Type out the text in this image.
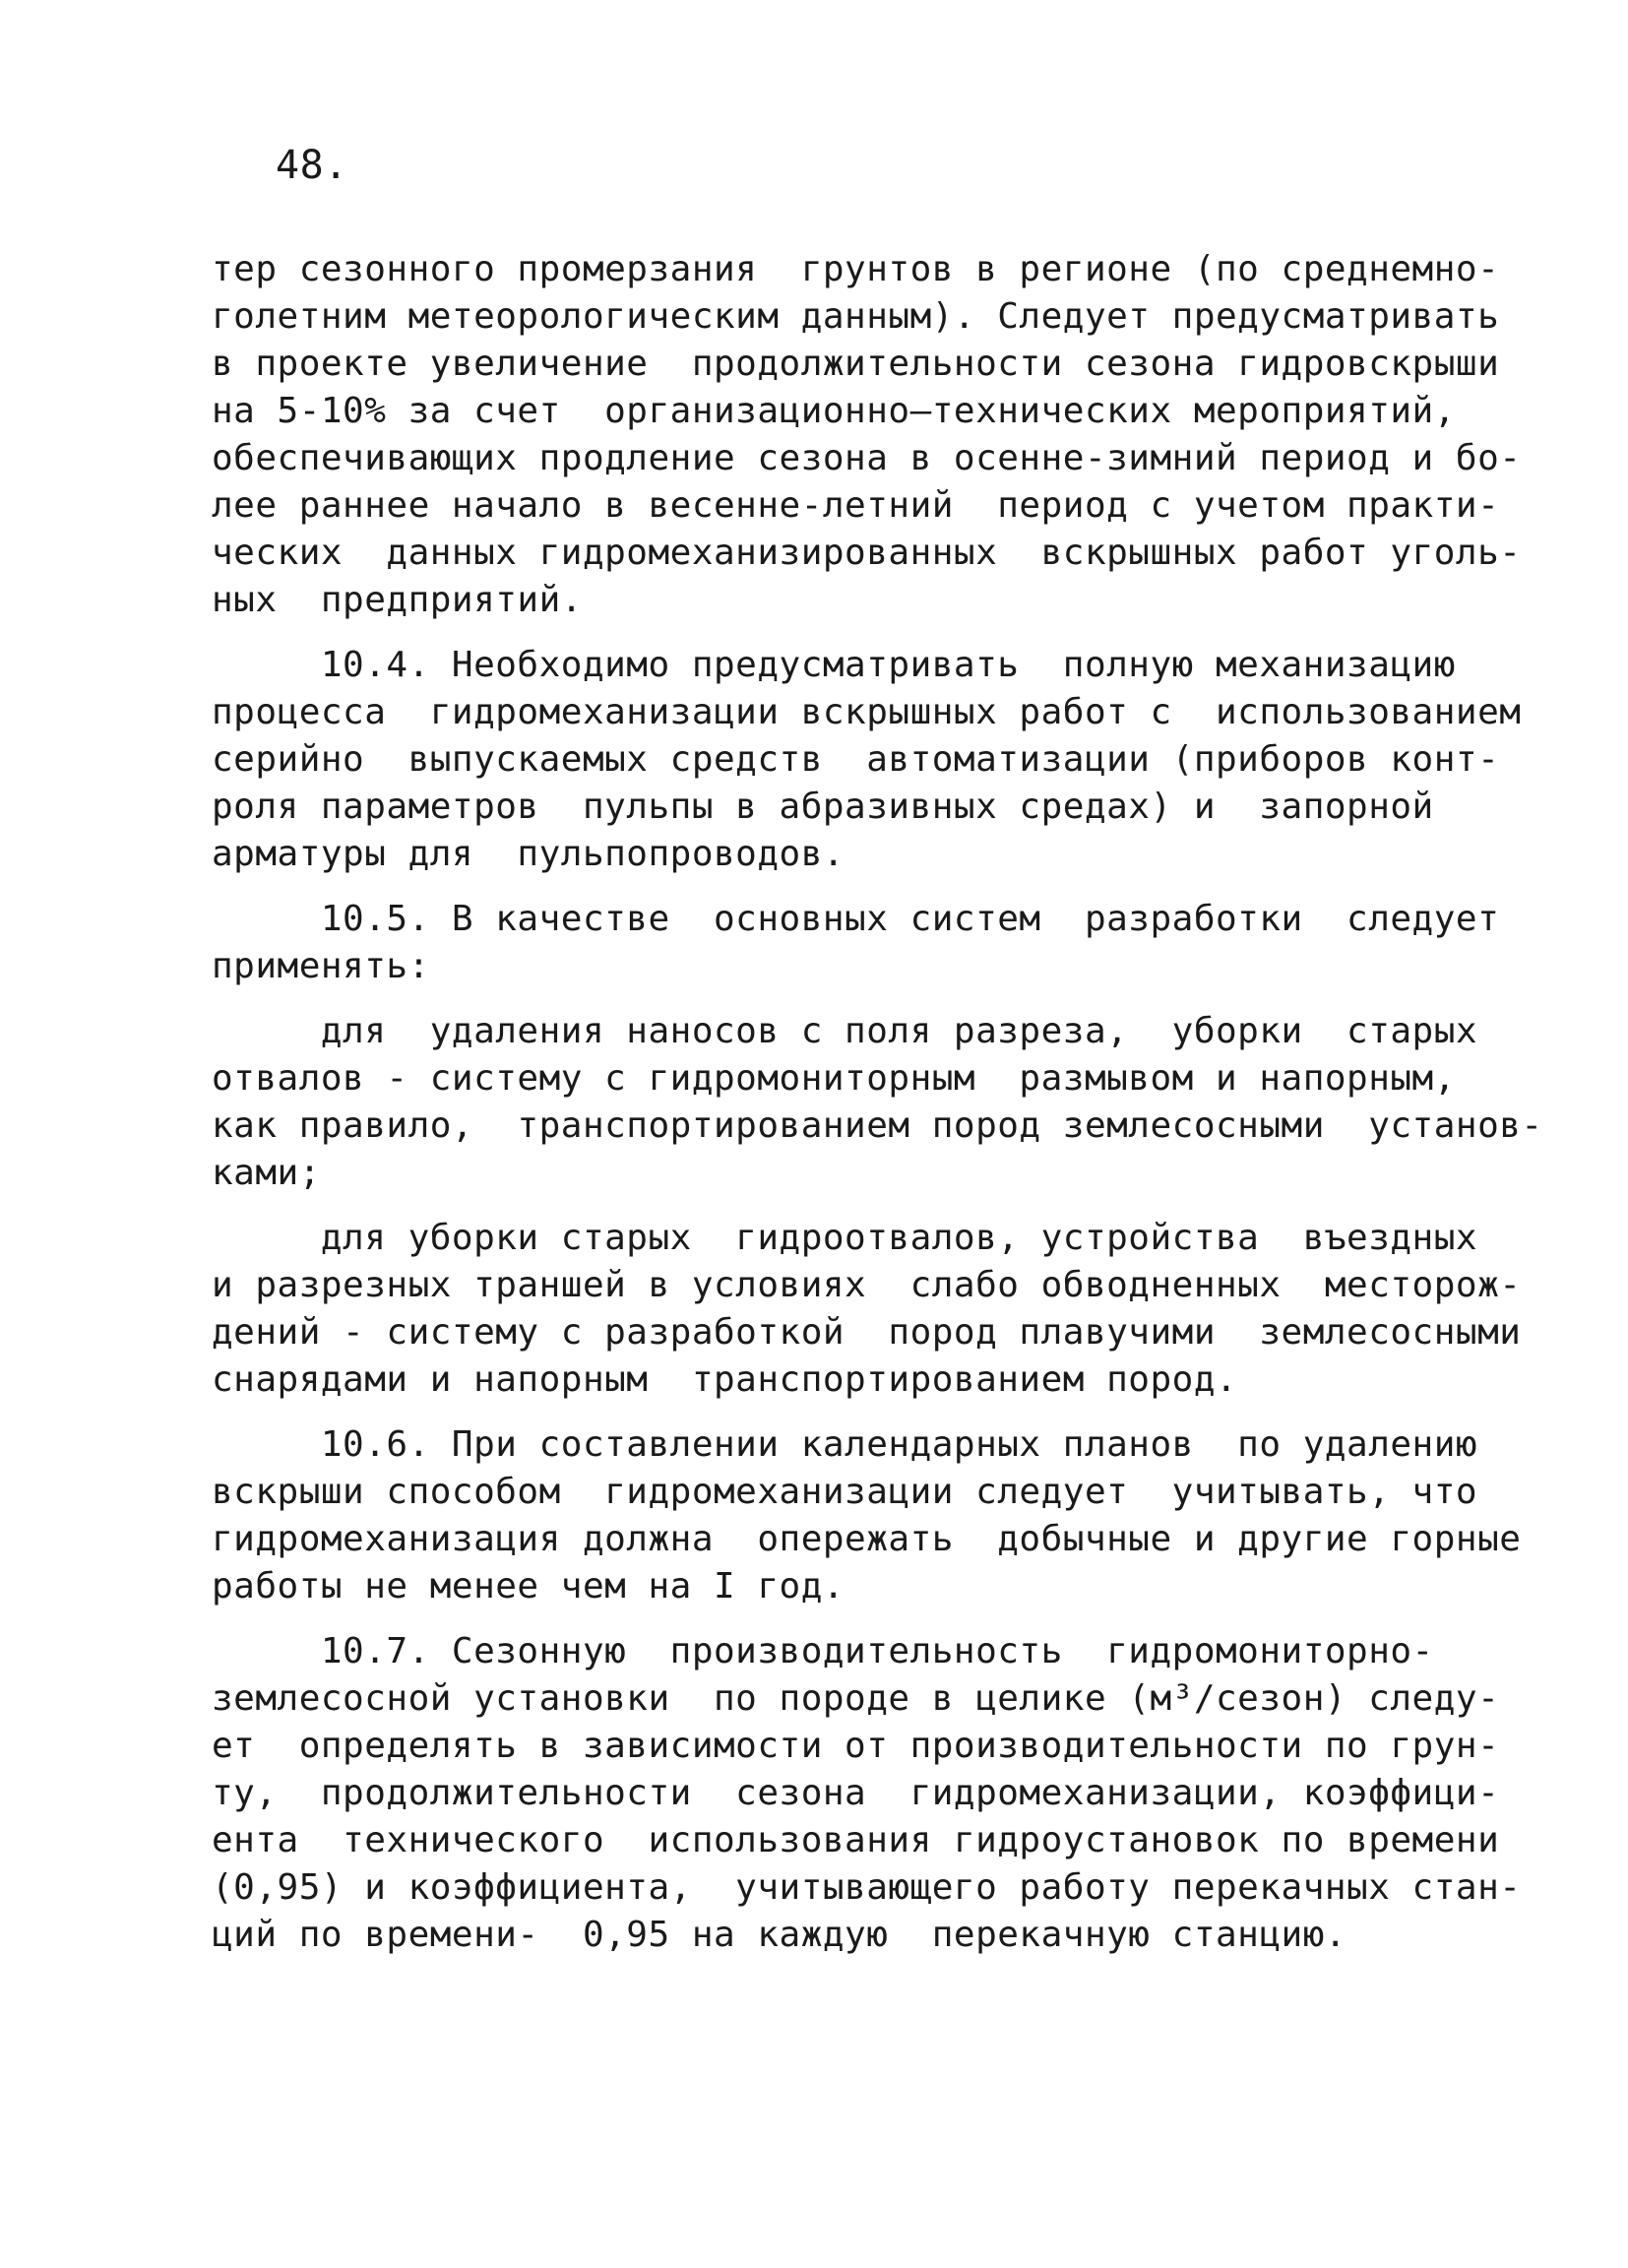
48.
тер сезонного промерзания  грунтов в регионе (по среднемно-
голетним метеорологическим данным). Следует предусматривать
в проекте увеличение  продолжительности сезона гидровскрыши
на 5-10% за счет  организационно—технических мероприятий,
обеспечивающих продление сезона в осенне-зимний период и бо-
лее раннее начало в весенне-летний  период с учетом практи-
ческих  данных гидромеханизированных  вскрышных работ уголь-
ных  предприятий.
10.4. Необходимо предусматривать  полную механизацию
процесса  гидромеханизации вскрышных работ с  использованием
серийно  выпускаемых средств  автоматизации (приборов конт-
роля параметров  пульпы в абразивных средах) и  запорной
арматуры для  пульпопроводов.
10.5. В качестве  основных систем  разработки  следует
применять:
для  удаления наносов с поля разреза,  уборки  старых
отвалов - систему с гидромониторным  размывом и напорным,
как правило,  транспортированием пород землесосными  установ-
ками;
для уборки старых  гидроотвалов, устройства  въездных
и разрезных траншей в условиях  слабо обводненных  месторож-
дений - систему с разработкой  пород плавучими  землесосными
снарядами и напорным  транспортированием пород.
10.6. При составлении календарных планов  по удалению
вскрыши способом  гидромеханизации следует  учитывать, что
гидромеханизация должна  опережать  добычные и другие горные
работы не менее чем на I год.
10.7. Сезонную  производительность  гидромониторно-
землесосной установки  по породе в целике (м³/сезон) следу-
ет  определять в зависимости от производительности по грун-
ту,  продолжительности  сезона  гидромеханизации, коэффици-
ента  технического  использования гидроустановок по времени
(0,95) и коэффициента,  учитывающего работу перекачных стан-
ций по времени-  0,95 на каждую  перекачную станцию.
